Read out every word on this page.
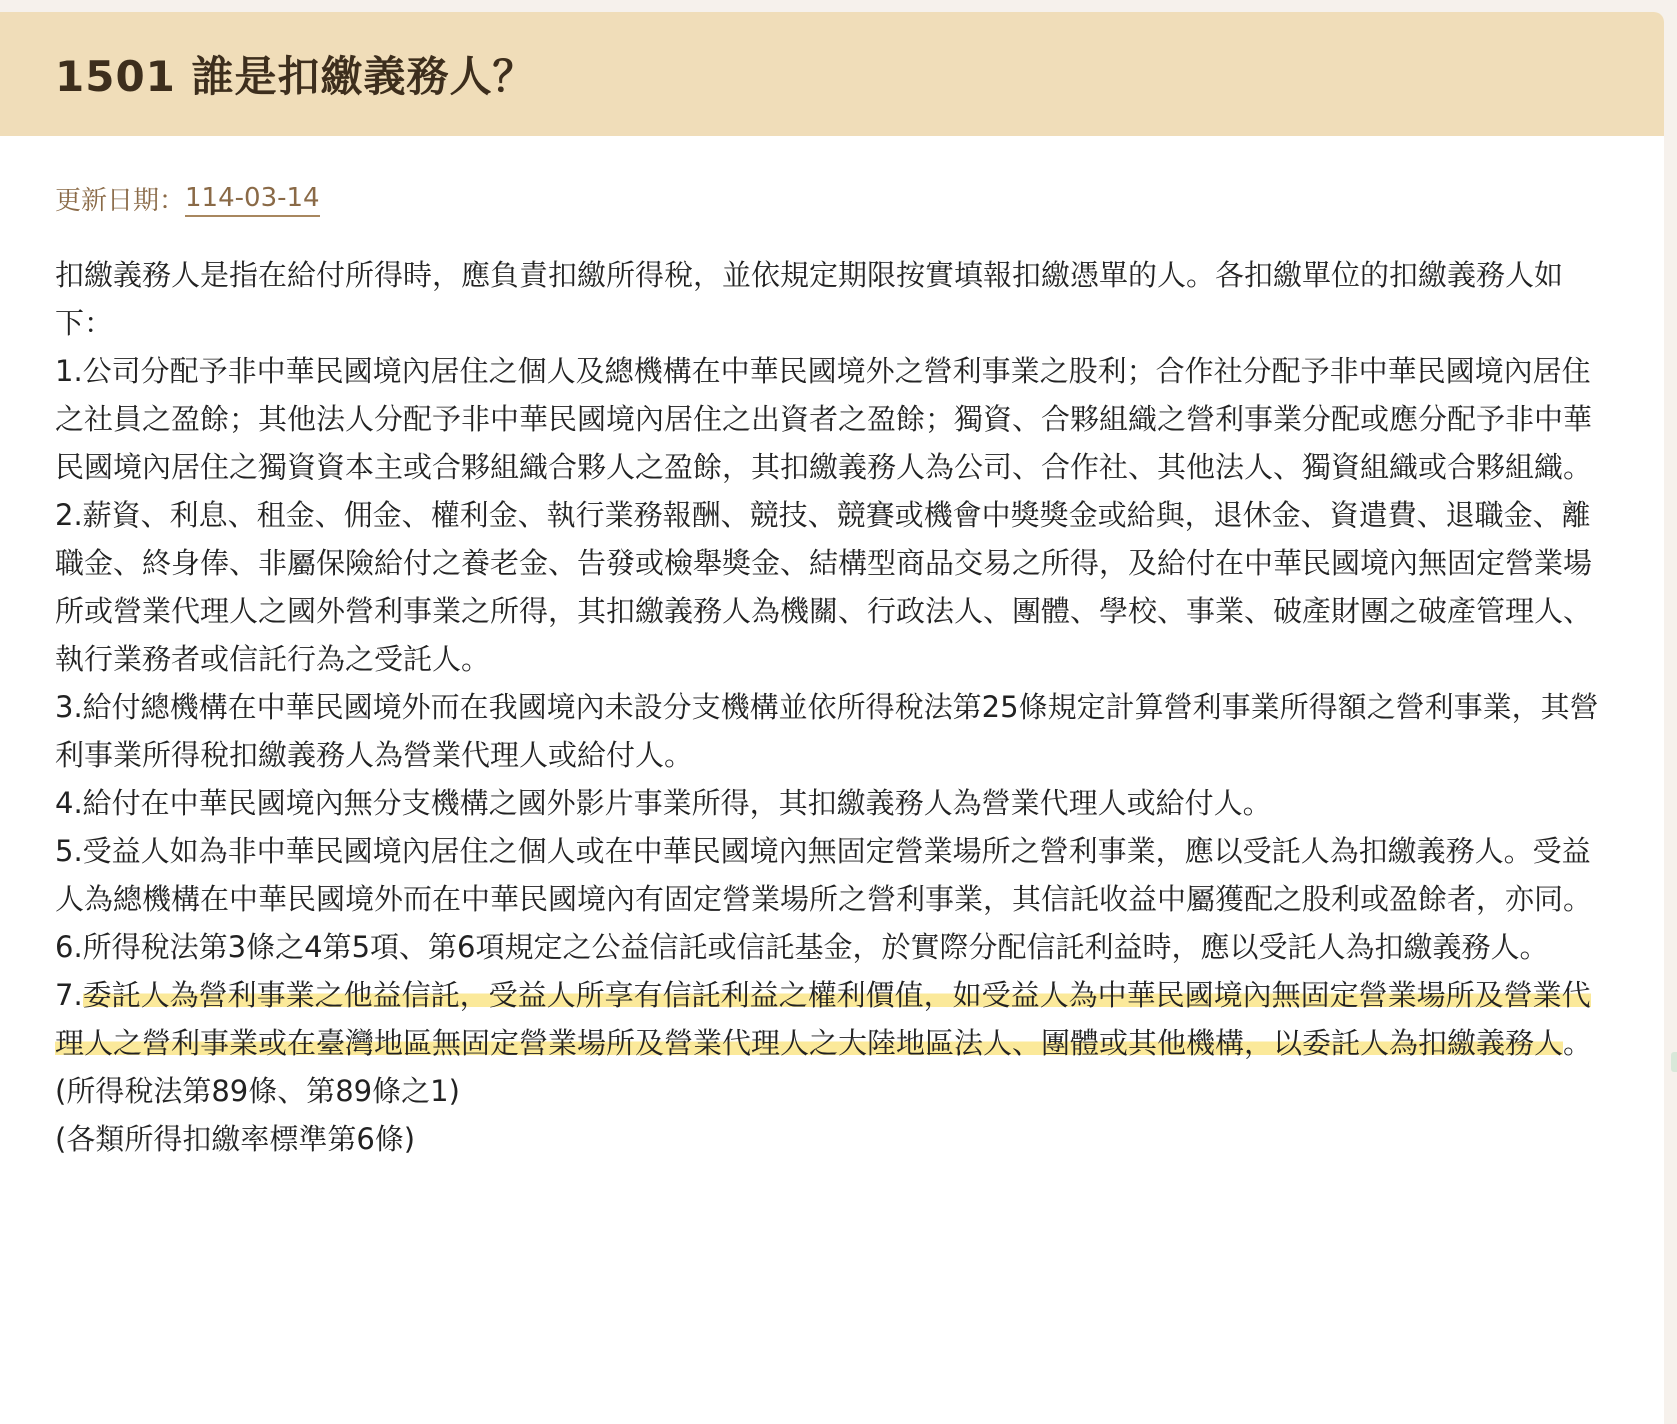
1501 誰是扣繳義務人？
更新日期： 114-03-14

扣繳義務人是指在給付所得時，應負責扣繳所得稅，並依規定期限按實填報扣繳憑單的人。各扣繳單位的扣繳義務人如下：

1.公司分配予非中華民國境內居住之個人及總機構在中華民國境外之營利事業之股利；合作社分配予非中華民國境內居住之社員之盈餘；其他法人分配予非中華民國境內居住之出資者之盈餘；獨資、合夥組織之營利事業分配或應分配予非中華民國境內居住之獨資資本主或合夥組織合夥人之盈餘，其扣繳義務人為公司、合作社、其他法人、獨資組織或合夥組織。

2.薪資、利息、租金、佣金、權利金、執行業務報酬、競技、競賽或機會中獎獎金或給與，退休金、資遣費、退職金、離職金、終身俸、非屬保險給付之養老金、告發或檢舉獎金、結構型商品交易之所得，及給付在中華民國境內無固定營業場所或營業代理人之國外營利事業之所得，其扣繳義務人為機關、行政法人、團體、學校、事業、破產財團之破產管理人、執行業務者或信託行為之受託人。

3.給付總機構在中華民國境外而在我國境內未設分支機構並依所得稅法第25條規定計算營利事業所得額之營利事業，其營利事業所得稅扣繳義務人為營業代理人或給付人。

4.給付在中華民國境內無分支機構之國外影片事業所得，其扣繳義務人為營業代理人或給付人。

5.受益人如為非中華民國境內居住之個人或在中華民國境內無固定營業場所之營利事業，應以受託人為扣繳義務人。受益人為總機構在中華民國境外而在中華民國境內有固定營業場所之營利事業，其信託收益中屬獲配之股利或盈餘者，亦同。

6.所得稅法第3條之4第5項、第6項規定之公益信託或信託基金，於實際分配信託利益時，應以受託人為扣繳義務人。

7.委託人為營利事業之他益信託，受益人所享有信託利益之權利價值，如受益人為中華民國境內無固定營業場所及營業代理人之營利事業或在臺灣地區無固定營業場所及營業代理人之大陸地區法人、團體或其他機構，以委託人為扣繳義務人。

(所得稅法第89條、第89條之1)

(各類所得扣繳率標準第6條)
